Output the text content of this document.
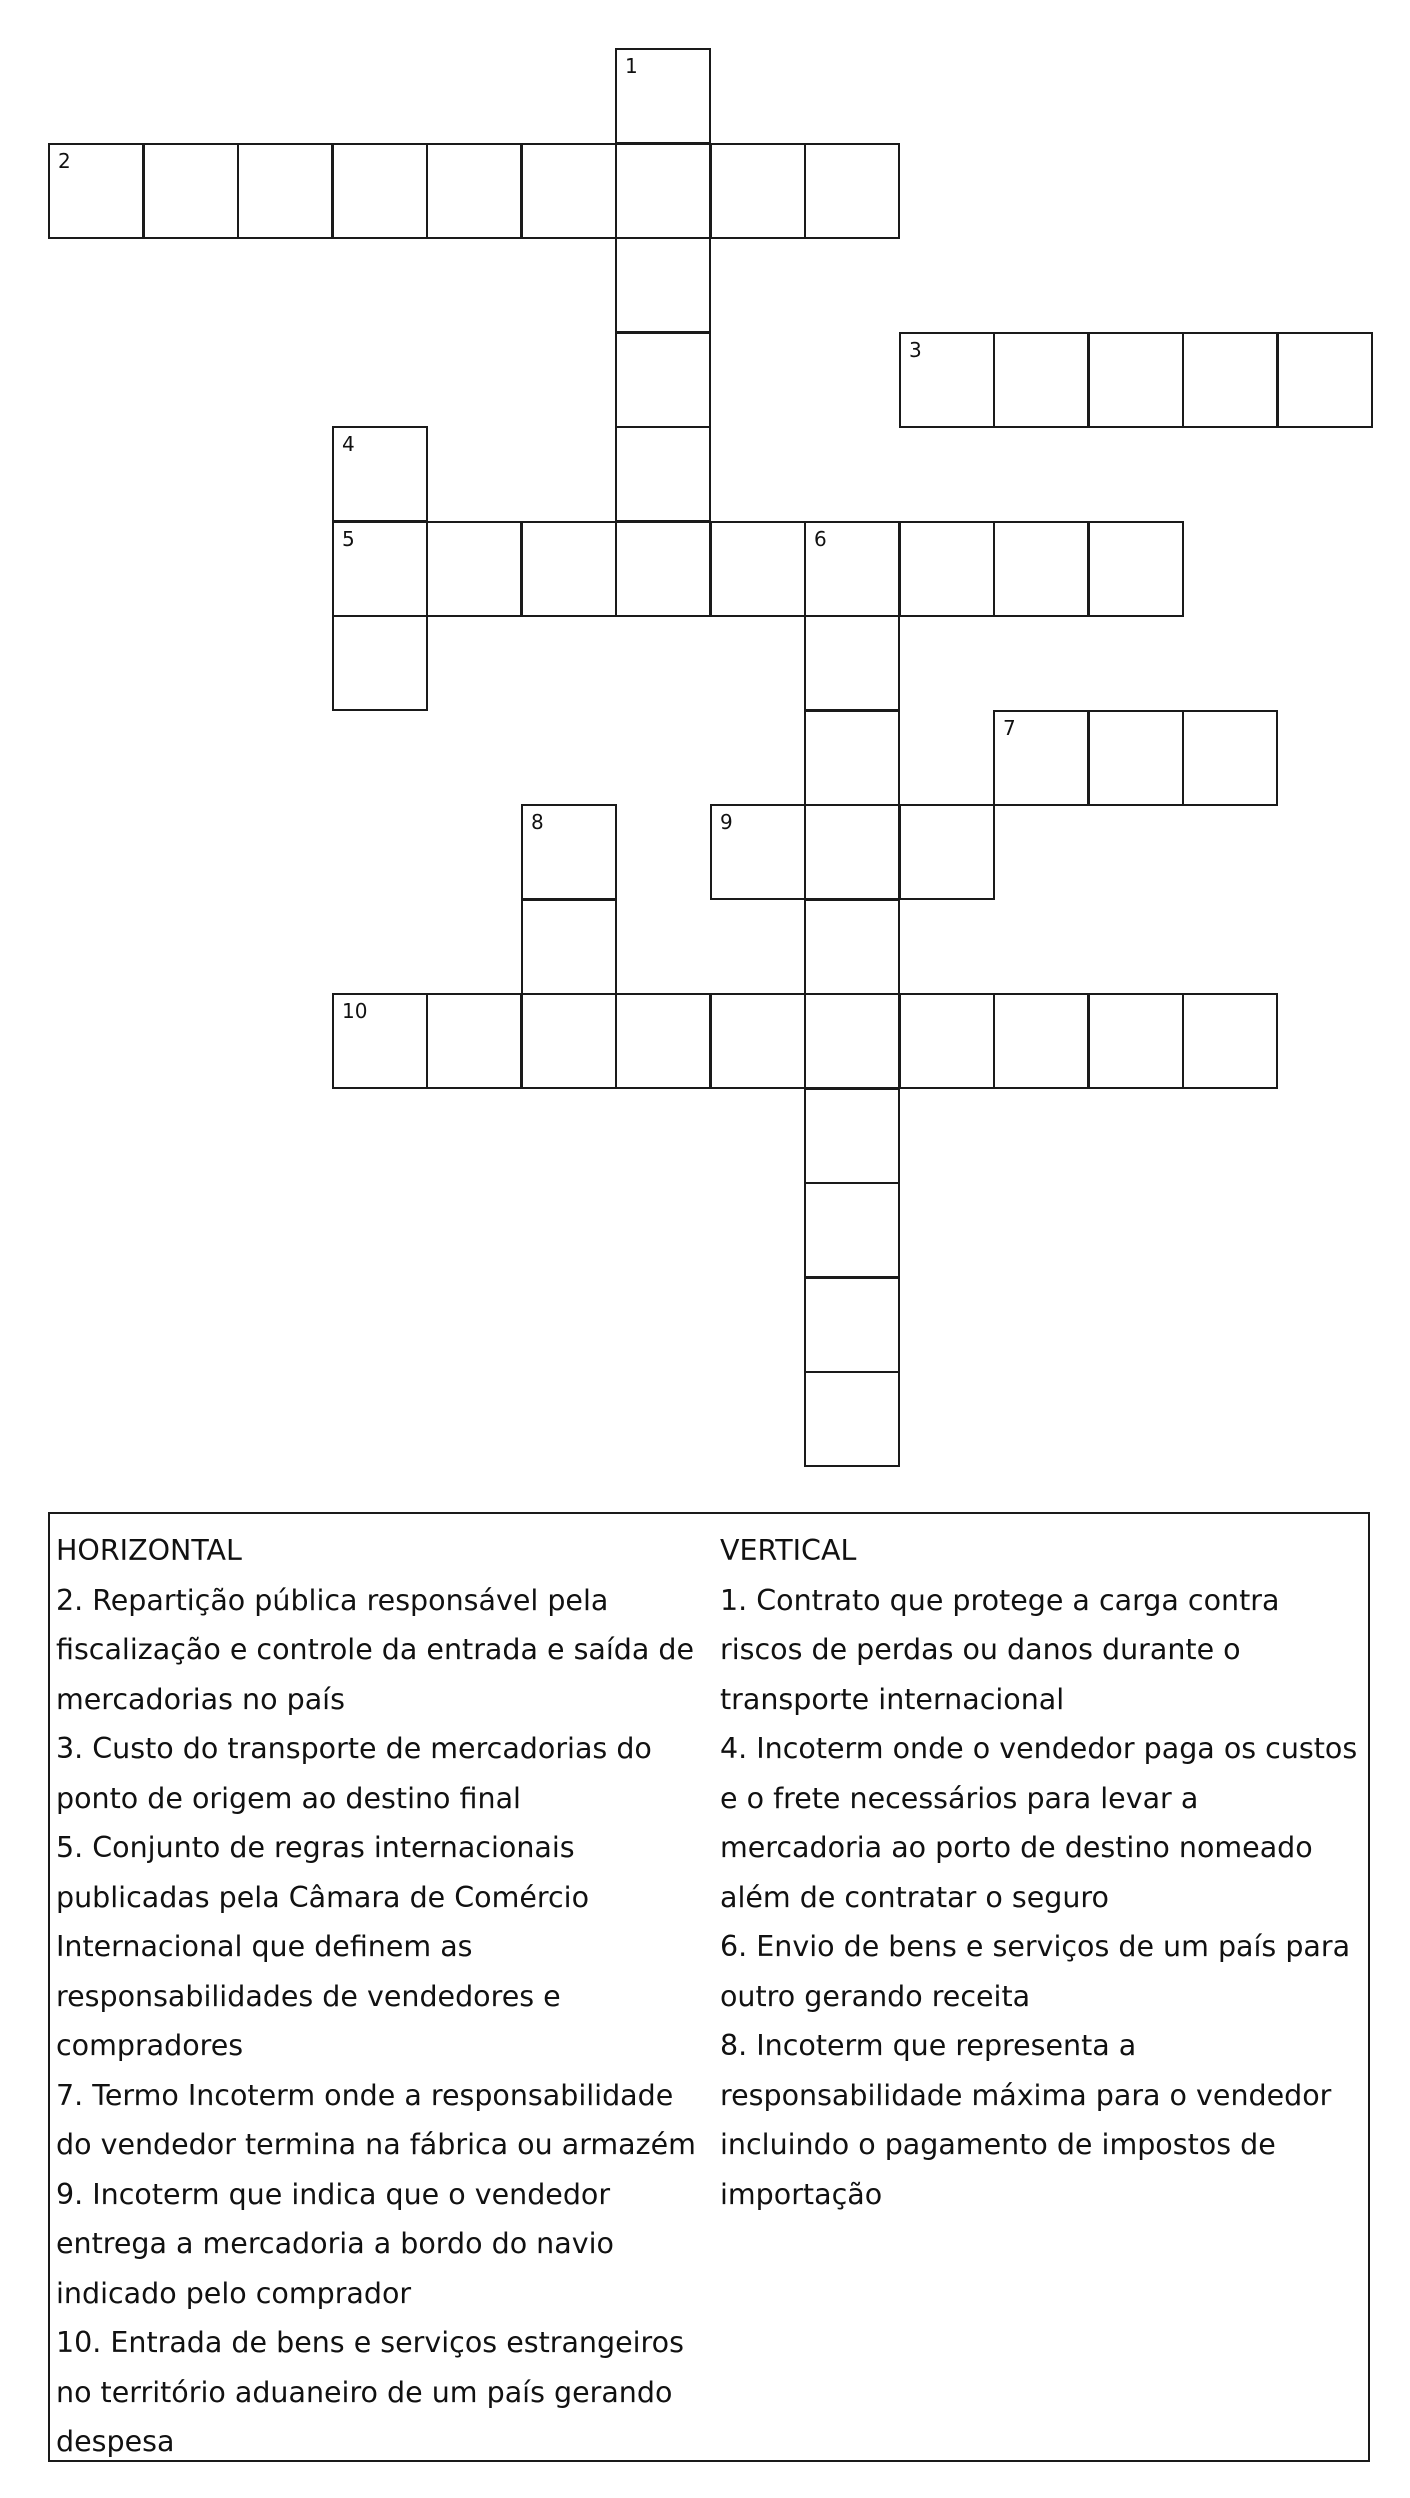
1
2
3
4
5	6
7
8	9
10
HORIZONTAL
2. Repartição pública responsável pela fiscalização e controle da entrada e saída de mercadorias no país
3. Custo do transporte de mercadorias do ponto de origem ao destino final
5. Conjunto de regras internacionais publicadas pela Câmara de Comércio Internacional que definem as responsabilidades de vendedores e compradores
7. Termo Incoterm onde a responsabilidade do vendedor termina na fábrica ou armazém
9. Incoterm que indica que o vendedor entrega a mercadoria a bordo do navio indicado pelo comprador
10. Entrada de bens e serviços estrangeiros no território aduaneiro de um país gerando despesa
VERTICAL
1. Contrato que protege a carga contra riscos de perdas ou danos durante o transporte internacional
4. Incoterm onde o vendedor paga os custos e o frete necessários para levar a mercadoria ao porto de destino nomeado além de contratar o seguro
6. Envio de bens e serviços de um país para outro gerando receita
8. Incoterm que representa a responsabilidade máxima para o vendedor incluindo o pagamento de impostos de importação
